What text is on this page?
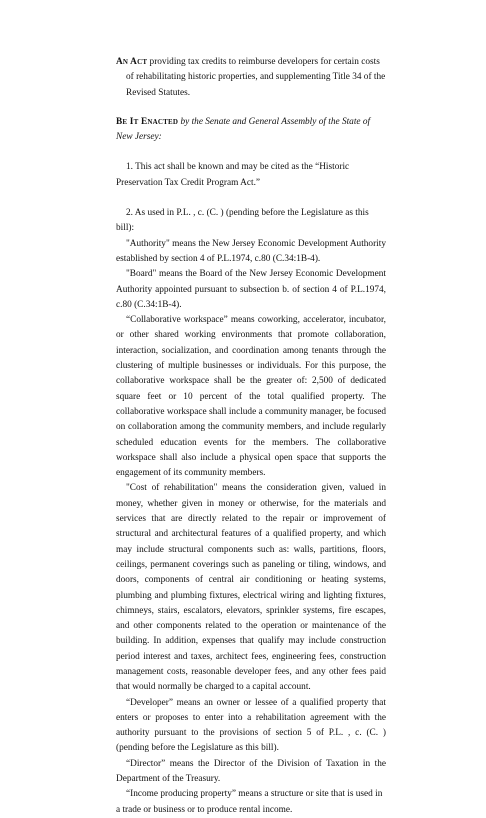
An Act providing tax credits to reimburse developers for certain costs of rehabilitating historic properties, and supplementing Title 34 of the Revised Statutes.

Be It Enacted by the Senate and General Assembly of the State of New Jersey:

1. This act shall be known and may be cited as the “Historic Preservation Tax Credit Program Act.”

2. As used in P.L. , c. (C. ) (pending before the Legislature as this bill):

"Authority" means the New Jersey Economic Development Authority established by section 4 of P.L.1974, c.80 (C.34:1B-4).

"Board" means the Board of the New Jersey Economic Development Authority appointed pursuant to subsection b. of section 4 of P.L.1974, c.80 (C.34:1B-4).

“Collaborative workspace” means coworking, accelerator, incubator, or other shared working environments that promote collaboration, interaction, socialization, and coordination among tenants through the clustering of multiple businesses or individuals. For this purpose, the collaborative workspace shall be the greater of: 2,500 of dedicated square feet or 10 percent of the total qualified property. The collaborative workspace shall include a community manager, be focused on collaboration among the community members, and include regularly scheduled education events for the members. The collaborative workspace shall also include a physical open space that supports the engagement of its community members.

"Cost of rehabilitation" means the consideration given, valued in money, whether given in money or otherwise, for the materials and services that are directly related to the repair or improvement of structural and architectural features of a qualified property, and which may include structural components such as: walls, partitions, floors, ceilings, permanent coverings such as paneling or tiling, windows, and doors, components of central air conditioning or heating systems, plumbing and plumbing fixtures, electrical wiring and lighting fixtures, chimneys, stairs, escalators, elevators, sprinkler systems, fire escapes, and other components related to the operation or maintenance of the building. In addition, expenses that qualify may include construction period interest and taxes, architect fees, engineering fees, construction management costs, reasonable developer fees, and any other fees paid that would normally be charged to a capital account.

“Developer” means an owner or lessee of a qualified property that enters or proposes to enter into a rehabilitation agreement with the authority pursuant to the provisions of section 5 of P.L. , c. (C. ) (pending before the Legislature as this bill).

“Director” means the Director of the Division of Taxation in the Department of the Treasury.

“Income producing property” means a structure or site that is used in a trade or business or to produce rental income.
